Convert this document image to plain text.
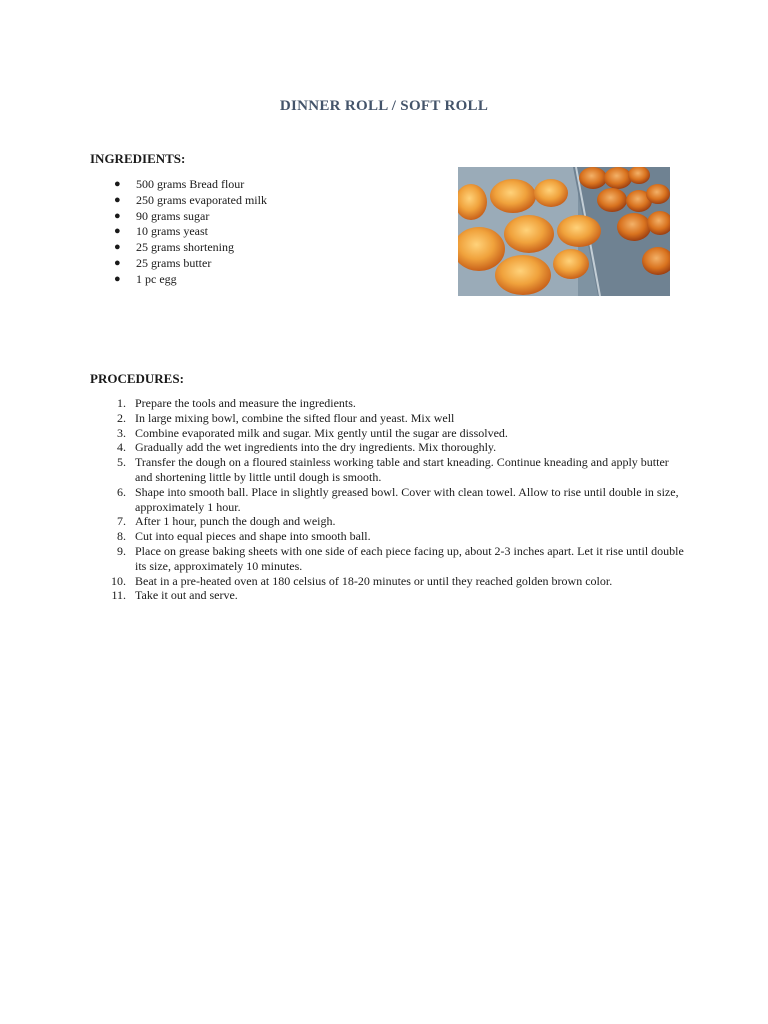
DINNER ROLL / SOFT ROLL
INGREDIENTS:
● 500 grams Bread flour
● 250 grams evaporated milk
● 90 grams sugar
● 10 grams yeast
● 25 grams shortening
● 25 grams butter
● 1 pc egg
PROCEDURES:
1. Prepare the tools and measure the ingredients.
2. In large mixing bowl, combine the sifted flour and yeast. Mix well
3. Combine evaporated milk and sugar. Mix gently until the sugar are dissolved.
4. Gradually add the wet ingredients into the dry ingredients. Mix thoroughly.
5. Transfer the dough on a floured stainless working table and start kneading. Continue kneading and apply butter and shortening little by little until dough is smooth.
6. Shape into smooth ball. Place in slightly greased bowl. Cover with clean towel. Allow to rise until double in size, approximately 1 hour.
7. After 1 hour, punch the dough and weigh.
8. Cut into equal pieces and shape into smooth ball.
9. Place on grease baking sheets with one side of each piece facing up, about 2-3 inches apart. Let it rise until double its size, approximately 10 minutes.
10. Beat in a pre-heated oven at 180 celsius of 18-20 minutes or until they reached golden brown color.
11. Take it out and serve.
